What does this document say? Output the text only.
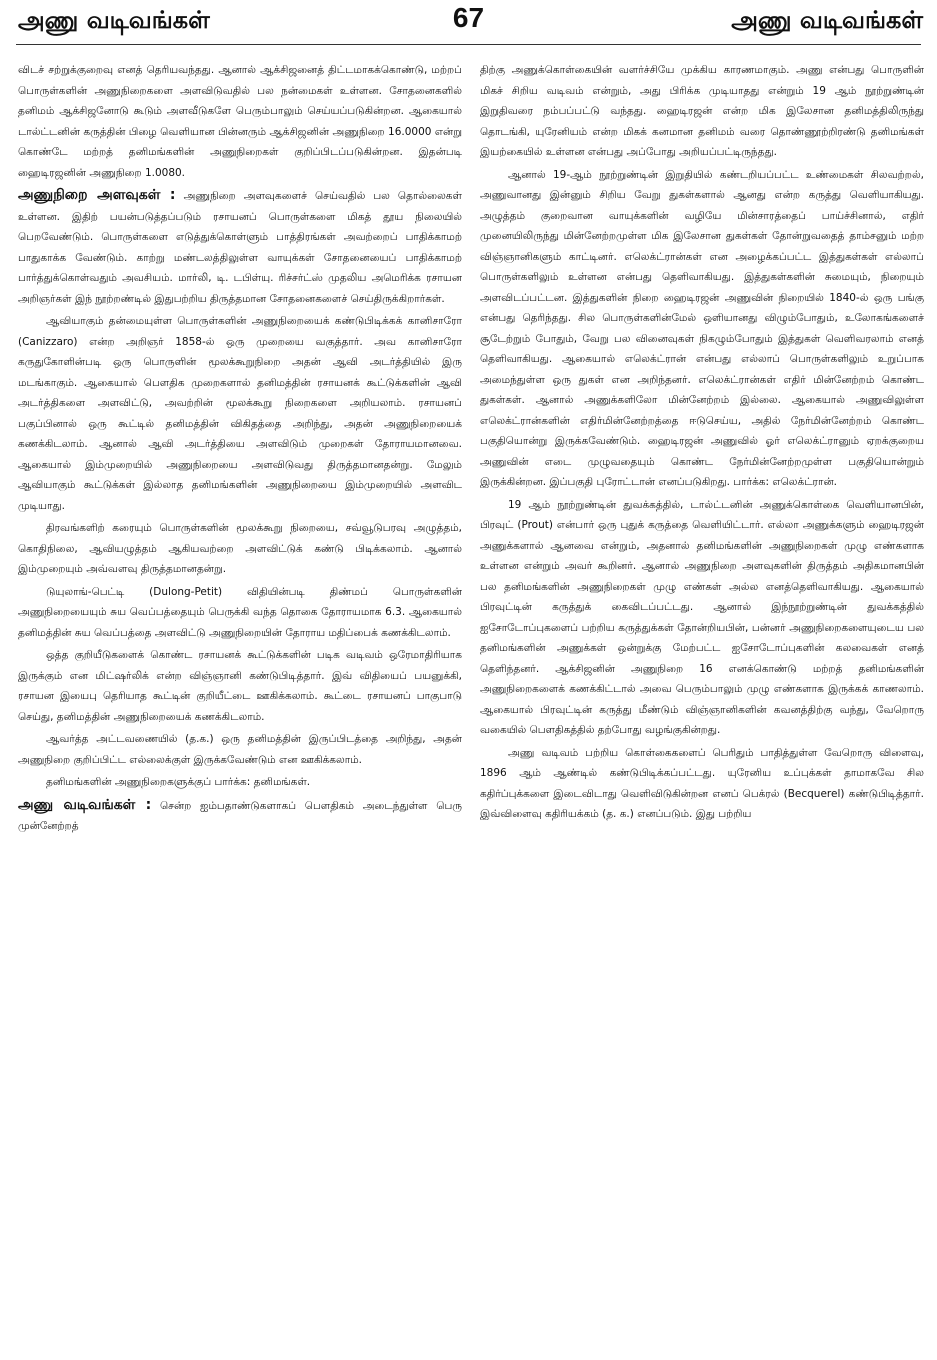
அணு வடிவங்கள்	67	அணு வடிவங்கள்

விடச் சற்றுக்குறைவு எனத் தெரியவந்தது. ஆனால் ஆக்சிஜனைத் திட்டமாகக்கொண்டு, மற்றப் பொருள்களின் அணுநிறைகளை அளவிடுவதில் பல நன்மைகள் உள்ளன. சோதனைகளில் தனிமம் ஆக்சிஜனோடு கூடும் அளவீடுகளே பெரும்பாலும் செய்யப்படுகின்றன. ஆகையால் டால்ட்டனின் கருத்தின் பிழை வெளியான பின்னரும் ஆக்சிஜனின் அணுநிறை 16.0000 என்று கொண்டே மற்றத் தனிமங்களின் அணுநிறைகள் குறிப்பிடப்படுகின்றன. இதன்படி ஹைடிரஜனின் அணுநிறை 1.0080.

அணுநிறை அளவுகள் : அணுநிறை அளவுகளைச் செய்வதில் பல தொல்லைகள் உள்ளன. இதிற் பயன்படுத்தப்படும் ரசாயனப் பொருள்களை மிகத் தூய நிலையில் பெறவேண்டும். பொருள்களை எடுத்துக்கொள்ளும் பாத்திரங்கள் அவற்றைப் பாதிக்காமற் பாதுகாக்க வேண்டும். காற்று மண்டலத்திலுள்ள வாயுக்கள் சோதனையைப் பாதிக்காமற் பார்த்துக்கொள்வதும் அவசியம். மார்லி, டி. டபிள்யு. ரிச்சர்ட்ஸ் முதலிய அமெரிக்க ரசாயன அறிஞர்கள் இந் நூற்றண்டில் இதுபற்றிய திருத்தமான சோதனைகளைச் செய்திருக்கிறார்கள்.

ஆவியாகும் தன்மையுள்ள பொருள்களின் அணுநிறையைக் கண்டுபிடிக்கக் கானிசாரோ (Canizzaro) என்ற அறிஞர் 1858-ல் ஒரு முறையை வகுத்தார். அவ கானிசாரோ கருதுகோளின்படி ஒரு பொருளின் மூலக்கூறுநிறை அதன் ஆவி அடர்த்தியில் இரு மடங்காகும். ஆகையால் பௌதிக முறைகளால் தனிமத்தின் ரசாயனக் கூட்டுக்களின் ஆவி அடர்த்திகளை அளவிட்டு, அவற்றின் மூலக்கூறு நிறைகளை அறியலாம். ரசாயனப் பகுப்பினால் ஒரு கூட்டில் தனிமத்தின் விகிதத்தை அறிந்து, அதன் அணுநிறையைக் கணக்கிடலாம். ஆனால் ஆவி அடர்த்தியை அளவிடும் முறைகள் தோராயமானவை. ஆகையால் இம்முறையில் அணுநிறையை அளவிடுவது திருத்தமானதன்று. மேலும் ஆவியாகும் கூட்டுக்கள் இல்லாத தனிமங்களின் அணுநிறையை இம்முறையில் அளவிட முடியாது.

திரவங்களிற் கரையும் பொருள்களின் மூலக்கூறு நிறையை, சவ்வூடுபரவு அழுத்தம், கொதிநிலை, ஆவியழுத்தம் ஆகியவற்றை அளவிட்டுக் கண்டு பிடிக்கலாம். ஆனால் இம்முறையும் அவ்வளவு திருத்தமானதன்று.

டுயுலாங்-பெட்டி (Dulong-Petit) விதியின்படி திண்மப் பொருள்களின் அணுநிறையையும் சுய வெப்பத்தையும் பெருக்கி வந்த தொகை தோராயமாக 6.3. ஆகையால் தனிமத்தின் சுய வெப்பத்தை அளவிட்டு அணுநிறையின் தோராய மதிப்பைக் கணக்கிடலாம்.

ஒத்த குறியீடுகளைக் கொண்ட ரசாயனக் கூட்டுக்களின் படிக வடிவம் ஒரேமாதிரியாக இருக்கும் என மிட்ஷர்லிக் என்ற விஞ்ஞானி கண்டுபிடித்தார். இவ் விதியைப் பயனுக்கி, ரசாயன இயைபு தெரியாத கூட்டின் குறியீட்டை ஊகிக்கலாம். கூட்டை ரசாயனப் பாகுபாடு செய்து, தனிமத்தின் அணுநிறையைக் கணக்கிடலாம்.

ஆவர்த்த அட்டவணையில் (த.க.) ஒரு தனிமத்தின் இருப்பிடத்தை அறிந்து, அதன் அணுநிறை குறிப்பிட்ட எல்லைக்குள் இருக்கவேண்டும் என ஊகிக்கலாம்.

தனிமங்களின் அணுநிறைகளுக்குப் பார்க்க: தனிமங்கள்.

அணு வடிவங்கள் : சென்ற ஐம்பதாண்டுகளாகப் பௌதிகம் அடைந்துள்ள பெரு முன்னேற்றத்

திற்கு அணுக்கொள்கையின் வளர்ச்சியே முக்கிய காரணமாகும். அணு என்பது பொருளின் மிகச் சிறிய வடிவம் என்றும், அது பிரிக்க முடியாதது என்றும் 19 ஆம் நூற்றுண்டின் இறுதிவரை நம்பப்பட்டு வந்தது. ஹைடிரஜன் என்ற மிக இலேசான தனிமத்திலிருந்து தொடங்கி, யுரேனியம் என்ற மிகக் கனமான தனிமம் வரை தொண்ணூற்றிரண்டு தனிமங்கள் இயற்கையில் உள்ளன என்பது அப்போது அறியப்பட்டிருந்தது.

ஆனால் 19-ஆம் நூற்றுண்டின் இறுதியில் கண்டறியப்பட்ட உண்மைகள் சிலவற்றல், அணுவானது இன்னும் சிறிய வேறு துகள்களால் ஆனது என்ற கருத்து வெளியாகியது. அழுத்தம் குறைவான வாயுக்களின் வழியே மின்சாரத்தைப் பாய்ச்சினால், எதிர் முனையிலிருந்து மின்னேற்றமுள்ள மிக இலேசான துகள்கள் தோன்றுவதைத் தாம்சனும் மற்ற விஞ்ஞானிகளும் காட்டினர். எலெக்ட்ரான்கள் என அழைக்கப்பட்ட இத்துகள்கள் எல்லாப் பொருள்களிலும் உள்ளன என்பது தெளிவாகியது. இத்துகள்களின் சுமையும், நிறையும் அளவிடப்பட்டன. இத்துகளின் நிறை ஹைடிரஜன் அணுவின் நிறையில் 1840-ல் ஒரு பங்கு என்பது தெரிந்தது. சில பொருள்களின்மேல் ஒளியானது விழும்போதும், உலோகங்களைச் சூடேற்றும் போதும், வேறு பல வினைவுகள் நிகழும்போதும் இத்துகள் வெளிவரலாம் எனத் தெளிவாகியது. ஆகையால் எலெக்ட்ரான் என்பது எல்லாப் பொருள்களிலும் உறுப்பாக அமைந்துள்ள ஒரு துகள் என அறிந்தனர். எலெக்ட்ரான்கள் எதிர் மின்னேற்றம் கொண்ட துகள்கள். ஆனால் அணுக்களிலோ மின்னேற்றம் இல்லை. ஆகையால் அணுவிலுள்ள எலெக்ட்ரான்களின் எதிர்மின்னேற்றத்தை ஈடுசெய்ய, அதில் நேர்மின்னேற்றம் கொண்ட பகுதியொன்று இருக்கவேண்டும். ஹைடிரஜன் அணுவில் ஓர் எலெக்ட்ரானும் ஏறக்குறைய அணுவின் எடை முழுவதையும் கொண்ட நேர்மின்னேற்றமுள்ள பகுதியொன்றும் இருக்கின்றன. இப்பகுதி புரோட்டான் எனப்படுகிறது. பார்க்க: எலெக்ட்ரான்.

19 ஆம் நூற்றுண்டின் துவக்கத்தில், டால்ட்டனின் அணுக்கொள்கை வெளியானபின், பிரவுட் (Prout) என்பார் ஒரு புதுக் கருத்தை வெளியிட்டார். எல்லா அணுக்களும் ஹைடிரஜன் அணுக்களால் ஆனவை என்றும், அதனால் தனிமங்களின் அணுநிறைகள் முழு எண்களாக உள்ளன என்றும் அவர் கூறினர். ஆனால் அணுநிறை அளவுகளின் திருத்தம் அதிகமானபின் பல தனிமங்களின் அணுநிறைகள் முழு எண்கள் அல்ல எனத்தெளிவாகியது. ஆகையால் பிரவுட்டின் கருத்துக் கைவிடப்பட்டது. ஆனால் இந்நூற்றுண்டின் துவக்கத்தில் ஐசோடோப்புகளைப் பற்றிய கருத்துக்கள் தோன்றியபின், பன்னர் அணுநிறைகளையுடைய பல தனிமங்களின் அணுக்கள் ஒன்றுக்கு மேற்பட்ட ஐசோடோப்புகளின் கலவைகள் எனத் தெளிந்தனர். ஆக்சிஜனின் அணுநிறை 16 எனக்கொண்டு மற்றத் தனிமங்களின் அணுநிறைகளைக் கணக்கிட்டால் அவை பெரும்பாலும் முழு எண்களாக இருக்கக் காணலாம். ஆகையால் பிரவுட்டின் கருத்து மீண்டும் விஞ்ஞானிகளின் கவனத்திற்கு வந்து, வேறொரு வகையில் பௌதிகத்தில் தற்போது வழங்குகின்றது.

அணு வடிவம் பற்றிய கொள்கைகளைப் பெரிதும் பாதித்துள்ள வேறொரு விளைவு, 1896 ஆம் ஆண்டில் கண்டுபிடிக்கப்பட்டது. யுரேனிய உப்புக்கள் தாமாகவே சில கதிர்ப்புக்களை இடைவிடாது வெளிவிடுகின்றன எனப் பெக்ரல் (Becquerel) கண்டுபிடித்தார். இவ்விளைவு கதிரியக்கம் (த. க.) எனப்படும். இது பற்றிய
